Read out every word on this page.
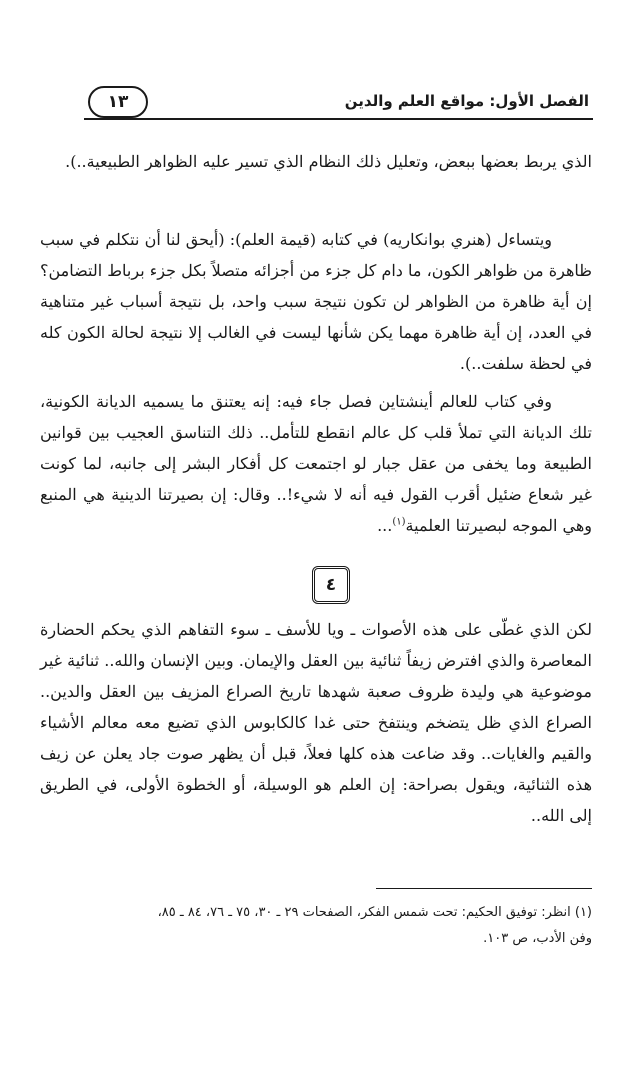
١٣	الفصل الأول: مواقع العلم والدين

الذي يربط بعضها ببعض، وتعليل ذلك النظام الذي تسير عليه الظواهر الطبيعية..).

ويتساءل (هنري بوانكاريه) في كتابه (قيمة العلم): (أيحق لنا أن نتكلم في سبب ظاهرة من ظواهر الكون، ما دام كل جزء من أجزائه متصلاً بكل جزء برباط التضامن؟ إن أية ظاهرة من الظواهر لن تكون نتيجة سبب واحد، بل نتيجة أسباب غير متناهية في العدد، إن أية ظاهرة مهما يكن شأنها ليست في الغالب إلا نتيجة لحالة الكون كله في لحظة سلفت..).

وفي كتاب للعالم أينشتاين فصل جاء فيه: إنه يعتنق ما يسميه الديانة الكونية، تلك الديانة التي تملأ قلب كل عالم انقطع للتأمل.. ذلك التناسق العجيب بين قوانين الطبيعة وما يخفى من عقل جبار لو اجتمعت كل أفكار البشر إلى جانبه، لما كونت غير شعاع ضئيل أقرب القول فيه أنه لا شيء!.. وقال: إن بصيرتنا الدينية هي المنبع وهي الموجه لبصيرتنا العلمية$^{(١)}$...

٤

لكن الذي غطّى على هذه الأصوات ـ ويا للأسف ـ سوء التفاهم الذي يحكم الحضارة المعاصرة والذي افترض زيفاً ثنائية بين العقل والإيمان. وبين الإنسان والله.. ثنائية غير موضوعية هي وليدة ظروف صعبة شهدها تاريخ الصراع المزيف بين العقل والدين.. الصراع الذي ظل يتضخم وينتفخ حتى غدا كالكابوس الذي تضيع معه معالم الأشياء والقيم والغايات.. وقد ضاعت هذه كلها فعلاً، قبل أن يظهر صوت جاد يعلن عن زيف هذه الثنائية، ويقول بصراحة: إن العلم هو الوسيلة، أو الخطوة الأولى، في الطريق إلى الله..

(١) انظر: توفيق الحكيم: تحت شمس الفكر، الصفحات ٢٩ ـ ٣٠، ٧٥ ـ ٧٦، ٨٤ ـ ٨٥،
وفن الأدب، ص ١٠٣.
